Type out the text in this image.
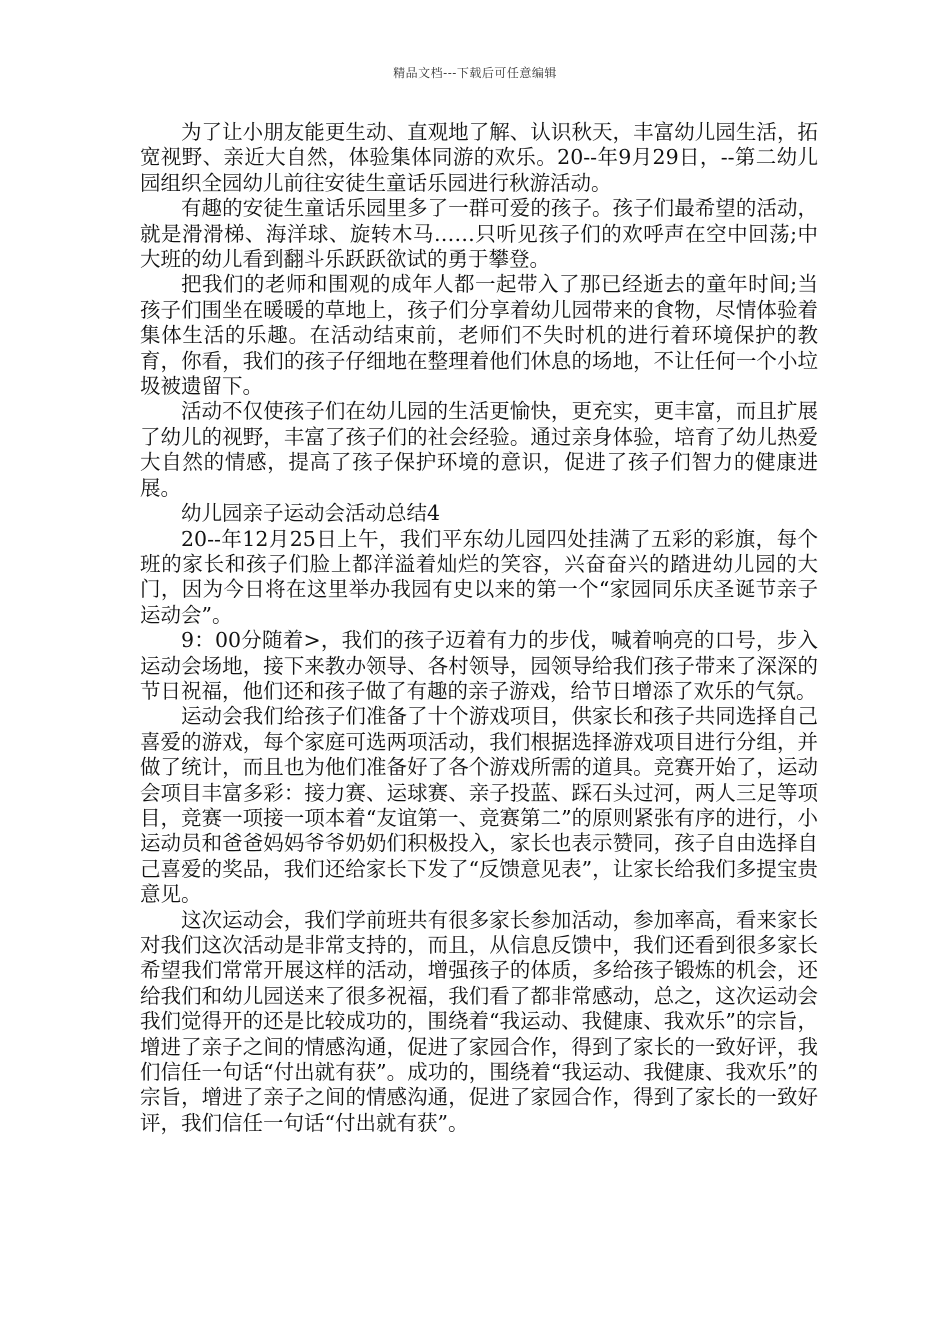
精品文档---下载后可任意编辑

为了让小朋友能更生动、直观地了解、认识秋天，丰富幼儿园生活，拓宽视野、亲近大自然，体验集体同游的欢乐。20--年9月29日，--第二幼儿园组织全园幼儿前往安徒生童话乐园进行秋游活动。

有趣的安徒生童话乐园里多了一群可爱的孩子。孩子们最希望的活动，就是滑滑梯、海洋球、旋转木马……只听见孩子们的欢呼声在空中回荡;中大班的幼儿看到翻斗乐跃跃欲试的勇于攀登。

把我们的老师和围观的成年人都一起带入了那已经逝去的童年时间;当孩子们围坐在暖暖的草地上，孩子们分享着幼儿园带来的食物，尽情体验着集体生活的乐趣。在活动结束前，老师们不失时机的进行着环境保护的教育，你看，我们的孩子仔细地在整理着他们休息的场地，不让任何一个小垃圾被遗留下。

活动不仅使孩子们在幼儿园的生活更愉快，更充实，更丰富，而且扩展了幼儿的视野，丰富了孩子们的社会经验。通过亲身体验，培育了幼儿热爱大自然的情感，提高了孩子保护环境的意识，促进了孩子们智力的健康进展。

幼儿园亲子运动会活动总结4

20--年12月25日上午，我们平东幼儿园四处挂满了五彩的彩旗，每个班的家长和孩子们脸上都洋溢着灿烂的笑容，兴奋奋兴的踏进幼儿园的大门，因为今日将在这里举办我园有史以来的第一个“家园同乐庆圣诞节亲子运动会”。

9：00分随着>，我们的孩子迈着有力的步伐，喊着响亮的口号，步入运动会场地，接下来教办领导、各村领导，园领导给我们孩子带来了深深的节日祝福，他们还和孩子做了有趣的亲子游戏，给节日增添了欢乐的气氛。

运动会我们给孩子们准备了十个游戏项目，供家长和孩子共同选择自己喜爱的游戏，每个家庭可选两项活动，我们根据选择游戏项目进行分组，并做了统计，而且也为他们准备好了各个游戏所需的道具。竞赛开始了，运动会项目丰富多彩：接力赛、运球赛、亲子投蓝、踩石头过河，两人三足等项目，竞赛一项接一项本着“友谊第一、竞赛第二”的原则紧张有序的进行，小运动员和爸爸妈妈爷爷奶奶们积极投入，家长也表示赞同，孩子自由选择自己喜爱的奖品，我们还给家长下发了“反馈意见表”，让家长给我们多提宝贵意见。

这次运动会，我们学前班共有很多家长参加活动，参加率高，看来家长对我们这次活动是非常支持的，而且，从信息反馈中，我们还看到很多家长希望我们常常开展这样的活动，增强孩子的体质，多给孩子锻炼的机会，还给我们和幼儿园送来了很多祝福，我们看了都非常感动，总之，这次运动会我们觉得开的还是比较成功的，围绕着“我运动、我健康、我欢乐”的宗旨，增进了亲子之间的情感沟通，促进了家园合作，得到了家长的一致好评，我们信任一句话“付出就有获”。成功的，围绕着“我运动、我健康、我欢乐”的宗旨，增进了亲子之间的情感沟通，促进了家园合作，得到了家长的一致好评，我们信任一句话“付出就有获”。
